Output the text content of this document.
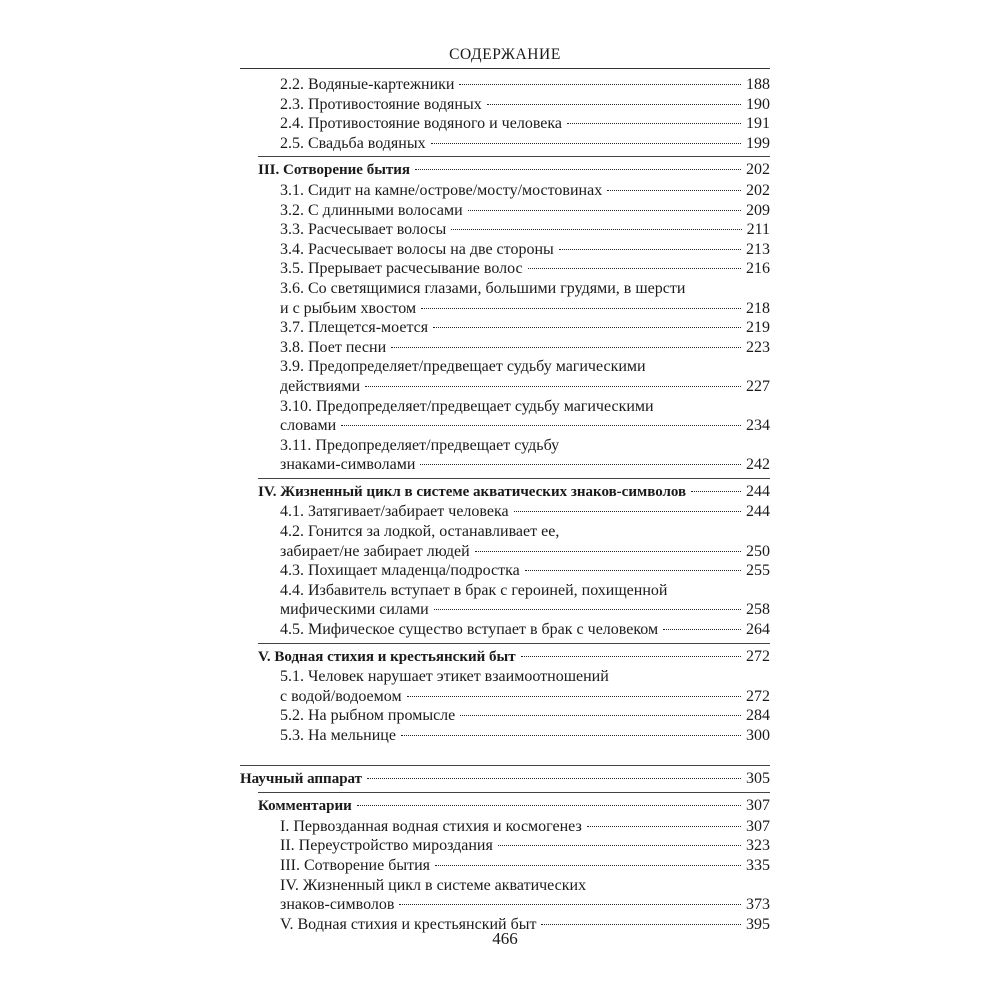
СОДЕРЖАНИЕ
2.2. Водяные-картежники	188
2.3. Противостояние водяных	190
2.4. Противостояние водяного и человека	191
2.5. Свадьба водяных	199
III. Сотворение бытия	202
3.1. Сидит на камне/острове/мосту/мостовинах	202
3.2. С длинными волосами	209
3.3. Расчесывает волосы	211
3.4. Расчесывает волосы на две стороны	213
3.5. Прерывает расчесывание волос	216
3.6. Со светящимися глазами, большими грудями, в шерсти
и с рыбьим хвостом	218
3.7. Плещется-моется	219
3.8. Поет песни	223
3.9. Предопределяет/предвещает судьбу магическими
действиями	227
3.10. Предопределяет/предвещает судьбу магическими
словами	234
3.11. Предопределяет/предвещает судьбу
знаками-символами	242
IV. Жизненный цикл в системе акватических знаков-символов	244
4.1. Затягивает/забирает человека	244
4.2. Гонится за лодкой, останавливает ее,
забирает/не забирает людей	250
4.3. Похищает младенца/подростка	255
4.4. Избавитель вступает в брак с героиней, похищенной
мифическими силами	258
4.5. Мифическое существо вступает в брак с человеком	264
V. Водная стихия и крестьянский быт	272
5.1. Человек нарушает этикет взаимоотношений
с водой/водоемом	272
5.2. На рыбном промысле	284
5.3. На мельнице	300
Научный аппарат	305
Комментарии	307
I. Первозданная водная стихия и космогенез	307
II. Переустройство мироздания	323
III. Сотворение бытия	335
IV. Жизненный цикл в системе акватических
знаков-символов	373
V. Водная стихия и крестьянский быт	395
466
